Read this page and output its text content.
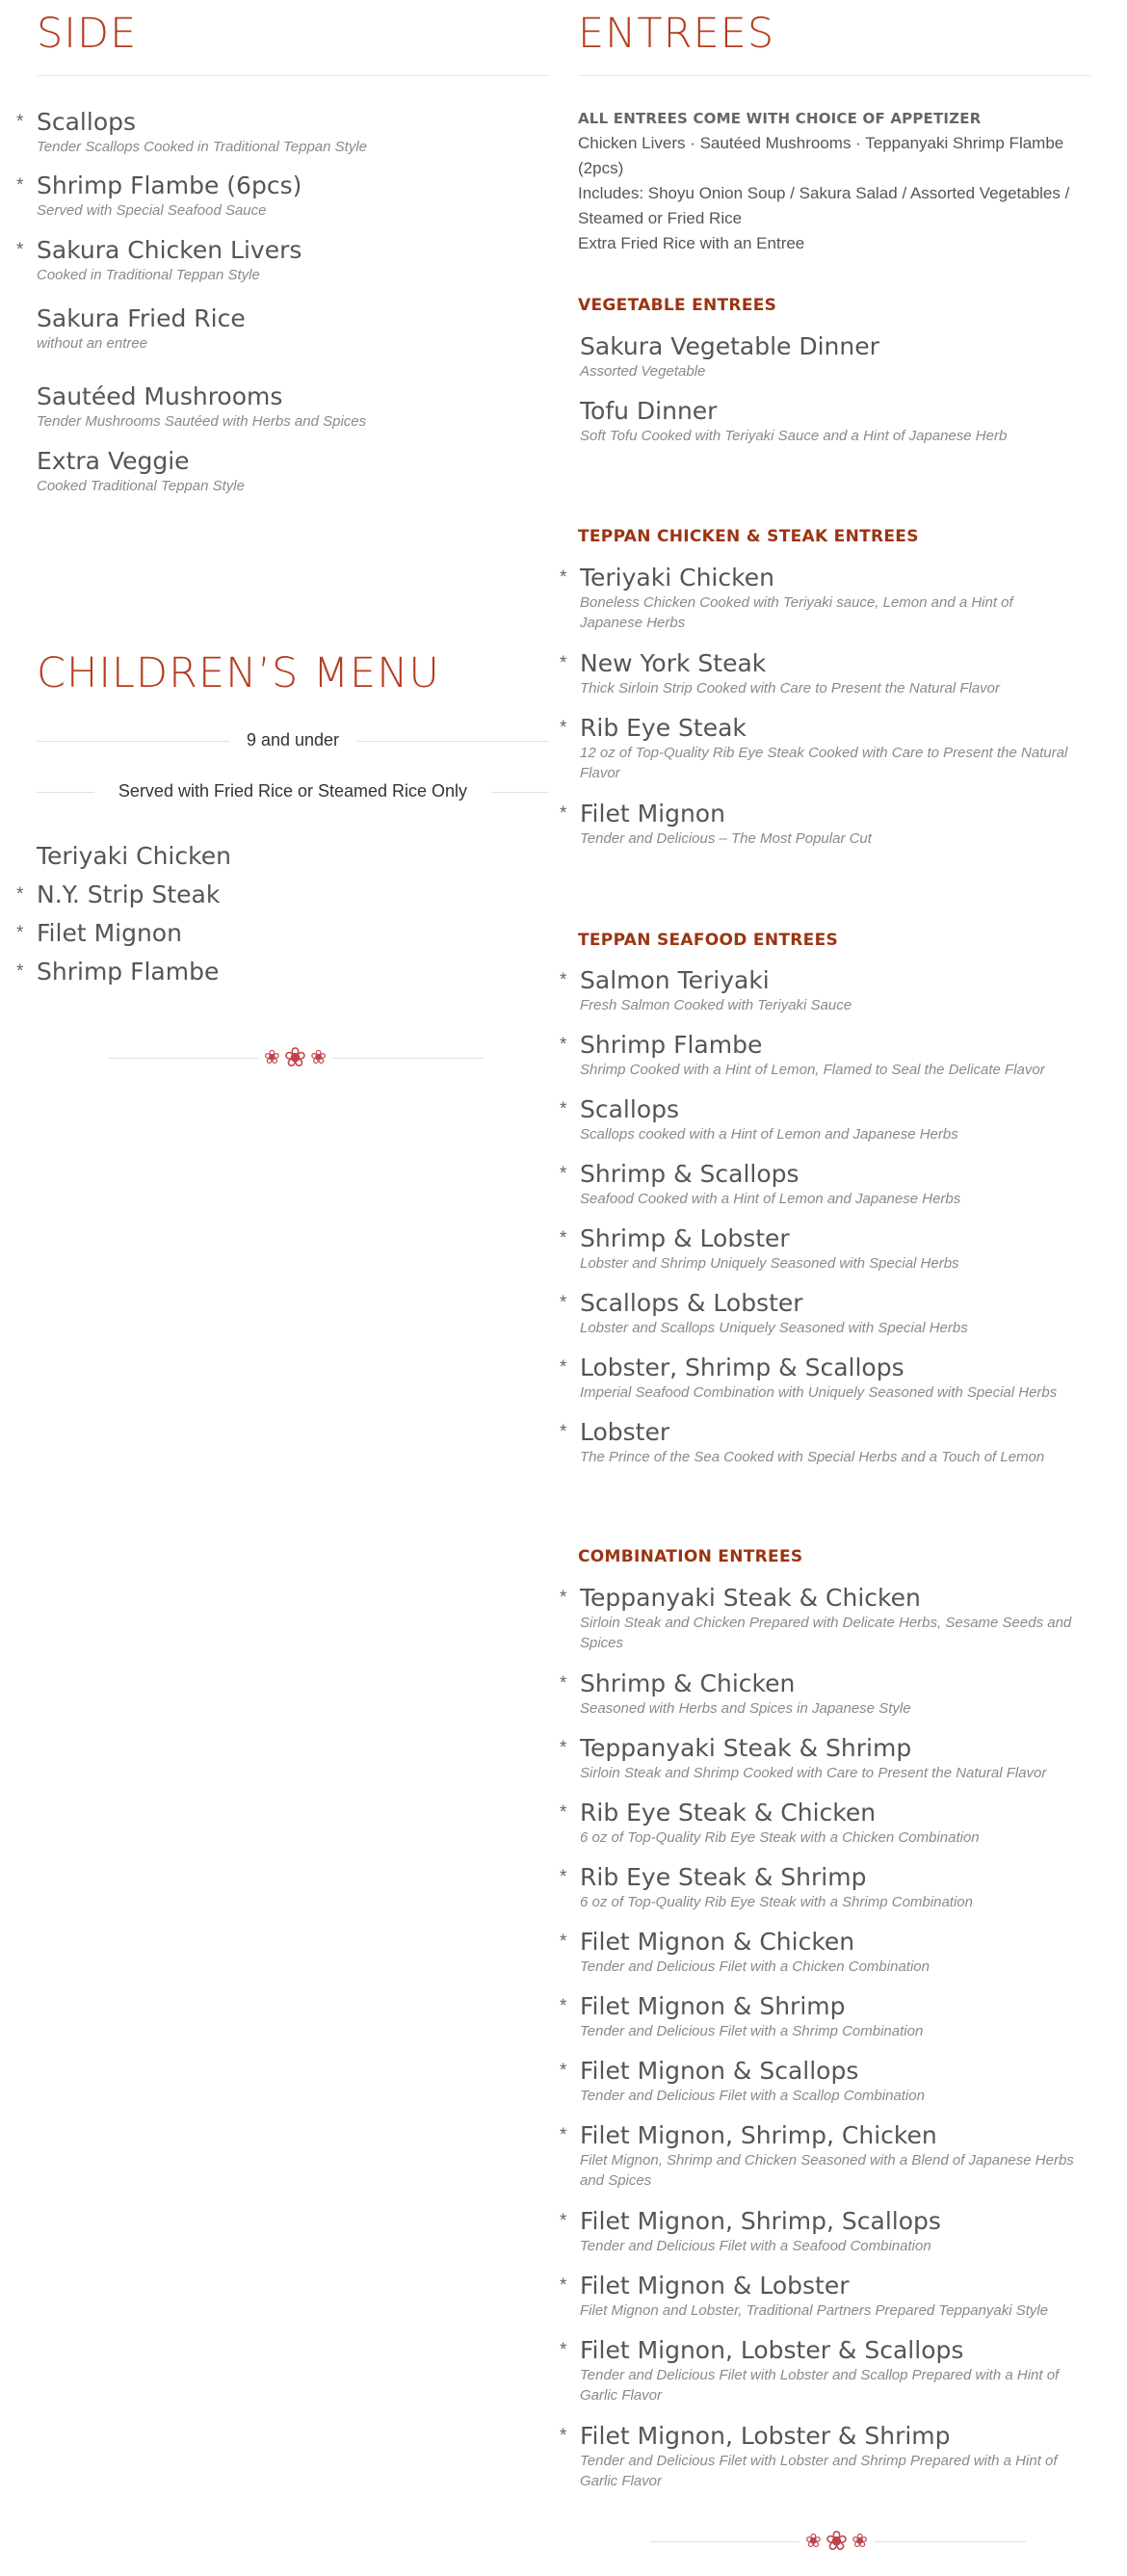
SIDE
* Scallops
Tender Scallops Cooked in Traditional Teppan Style
* Shrimp Flambe (6pcs)
Served with Special Seafood Sauce
* Sakura Chicken Livers
Cooked in Traditional Teppan Style
Sakura Fried Rice
without an entree
Sautéed Mushrooms
Tender Mushrooms Sautéed with Herbs and Spices
Extra Veggie
Cooked Traditional Teppan Style
CHILDREN’S MENU
9 and under
Served with Fried Rice or Steamed Rice Only
Teriyaki Chicken
* N.Y. Strip Steak
* Filet Mignon
* Shrimp Flambe
❀ ❀ ❀
ENTREES
ALL ENTREES COME WITH CHOICE OF APPETIZER
Chicken Livers · Sautéed Mushrooms · Teppanyaki Shrimp Flambe
(2pcs)
Includes: Shoyu Onion Soup / Sakura Salad / Assorted Vegetables /
Steamed or Fried Rice
Extra Fried Rice with an Entree
VEGETABLE ENTREES
Sakura Vegetable Dinner
Assorted Vegetable
Tofu Dinner
Soft Tofu Cooked with Teriyaki Sauce and a Hint of Japanese Herb
TEPPAN CHICKEN & STEAK ENTREES
* Teriyaki Chicken
Boneless Chicken Cooked with Teriyaki sauce, Lemon and a Hint of
Japanese Herbs
* New York Steak
Thick Sirloin Strip Cooked with Care to Present the Natural Flavor
* Rib Eye Steak
12 oz of Top-Quality Rib Eye Steak Cooked with Care to Present the Natural
Flavor
* Filet Mignon
Tender and Delicious – The Most Popular Cut
TEPPAN SEAFOOD ENTREES
* Salmon Teriyaki
Fresh Salmon Cooked with Teriyaki Sauce
* Shrimp Flambe
Shrimp Cooked with a Hint of Lemon, Flamed to Seal the Delicate Flavor
* Scallops
Scallops cooked with a Hint of Lemon and Japanese Herbs
* Shrimp & Scallops
Seafood Cooked with a Hint of Lemon and Japanese Herbs
* Shrimp & Lobster
Lobster and Shrimp Uniquely Seasoned with Special Herbs
* Scallops & Lobster
Lobster and Scallops Uniquely Seasoned with Special Herbs
* Lobster, Shrimp & Scallops
Imperial Seafood Combination with Uniquely Seasoned with Special Herbs
* Lobster
The Prince of the Sea Cooked with Special Herbs and a Touch of Lemon
COMBINATION ENTREES
* Teppanyaki Steak & Chicken
Sirloin Steak and Chicken Prepared with Delicate Herbs, Sesame Seeds and
Spices
* Shrimp & Chicken
Seasoned with Herbs and Spices in Japanese Style
* Teppanyaki Steak & Shrimp
Sirloin Steak and Shrimp Cooked with Care to Present the Natural Flavor
* Rib Eye Steak & Chicken
6 oz of Top-Quality Rib Eye Steak with a Chicken Combination
* Rib Eye Steak & Shrimp
6 oz of Top-Quality Rib Eye Steak with a Shrimp Combination
* Filet Mignon & Chicken
Tender and Delicious Filet with a Chicken Combination
* Filet Mignon & Shrimp
Tender and Delicious Filet with a Shrimp Combination
* Filet Mignon & Scallops
Tender and Delicious Filet with a Scallop Combination
* Filet Mignon, Shrimp, Chicken
Filet Mignon, Shrimp and Chicken Seasoned with a Blend of Japanese Herbs
and Spices
* Filet Mignon, Shrimp, Scallops
Tender and Delicious Filet with a Seafood Combination
* Filet Mignon & Lobster
Filet Mignon and Lobster, Traditional Partners Prepared Teppanyaki Style
* Filet Mignon, Lobster & Scallops
Tender and Delicious Filet with Lobster and Scallop Prepared with a Hint of
Garlic Flavor
* Filet Mignon, Lobster & Shrimp
Tender and Delicious Filet with Lobster and Shrimp Prepared with a Hint of
Garlic Flavor
❀ ❀ ❀
